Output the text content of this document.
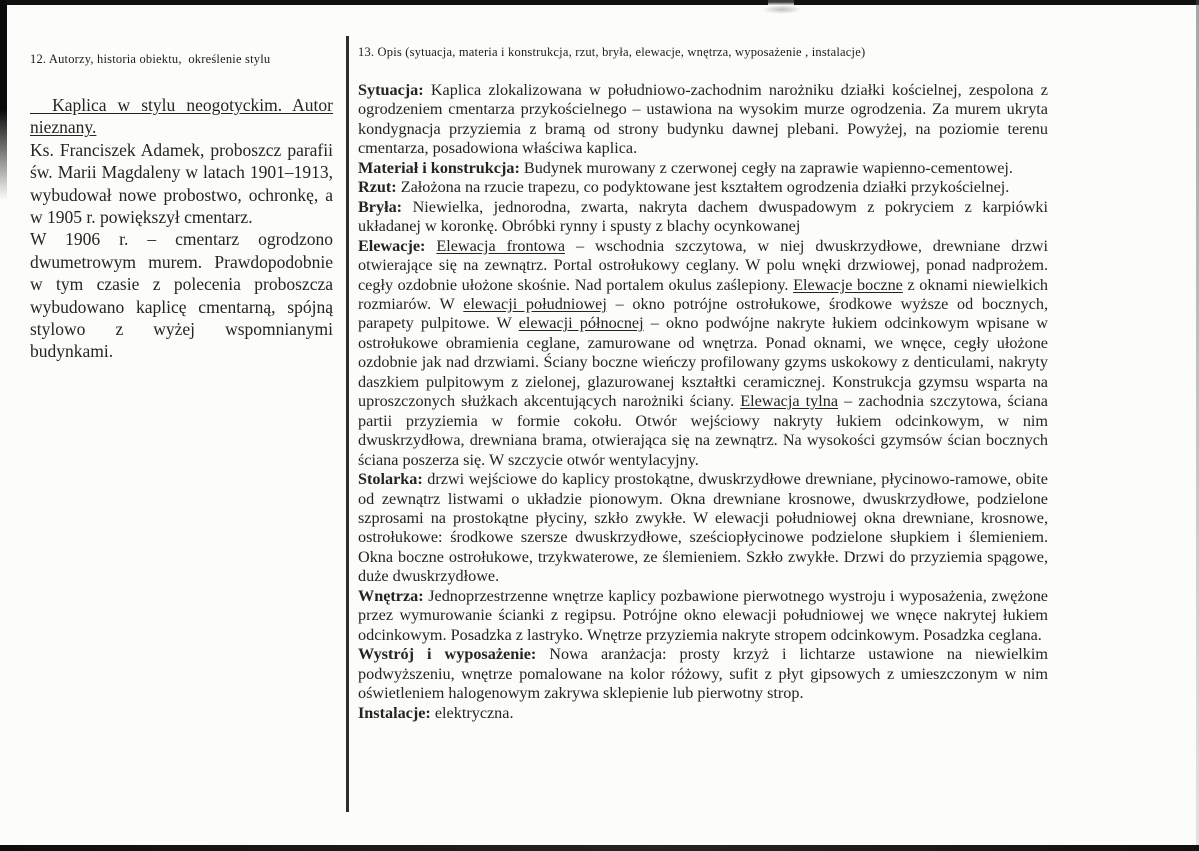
12. Autorzy, historia obiektu,  określenie stylu

Kaplica w stylu neogotyckim. Autor nieznany.

Ks. Franciszek Adamek, proboszcz parafii św. Marii Magdaleny w latach 1901–1913, wybudował nowe probostwo, ochronkę, a w 1905 r. powiększył cmentarz.

W 1906 r. – cmentarz ogrodzono dwumetrowym murem. Prawdopodobnie w tym czasie z polecenia proboszcza wybudowano kaplicę cmentarną, spójną stylowo z wyżej wspomnianymi budynkami.

13. Opis (sytuacja, materia i konstrukcja, rzut, bryła, elewacje, wnętrza, wyposażenie , instalacje)

Sytuacja: Kaplica zlokalizowana w południowo-zachodnim narożniku działki kościelnej, zespolona z ogrodzeniem cmentarza przykościelnego – ustawiona na wysokim murze ogrodzenia. Za murem ukryta kondygnacja przyziemia z bramą od strony budynku dawnej plebani. Powyżej, na poziomie terenu cmentarza, posadowiona właściwa kaplica.

Materiał i konstrukcja: Budynek murowany z czerwonej cegły na zaprawie wapienno-cementowej.

Rzut: Założona na rzucie trapezu, co podyktowane jest kształtem ogrodzenia działki przykościelnej.

Bryła: Niewielka, jednorodna, zwarta, nakryta dachem dwuspadowym z pokryciem z karpiówki układanej w koronkę. Obróbki rynny i spusty z blachy ocynkowanej

Elewacje: Elewacja frontowa – wschodnia szczytowa, w niej dwuskrzydłowe, drewniane drzwi otwierające się na zewnątrz. Portal ostrołukowy ceglany. W polu wnęki drzwiowej, ponad nadprożem. cegły ozdobnie ułożone skośnie. Nad portalem okulus zaślepiony. Elewacje boczne z oknami niewielkich rozmiarów. W elewacji południowej – okno potrójne ostrołukowe, środkowe wyższe od bocznych, parapety pulpitowe. W elewacji północnej – okno podwójne nakryte łukiem odcinkowym wpisane w ostrołukowe obramienia ceglane, zamurowane od wnętrza. Ponad oknami, we wnęce, cegły ułożone ozdobnie jak nad drzwiami. Ściany boczne wieńczy profilowany gzyms uskokowy z denticulami, nakryty daszkiem pulpitowym z zielonej, glazurowanej kształtki ceramicznej. Konstrukcja gzymsu wsparta na uproszczonych służkach akcentujących narożniki ściany. Elewacja tylna – zachodnia szczytowa, ściana partii przyziemia w formie cokołu. Otwór wejściowy nakryty łukiem odcinkowym, w nim dwuskrzydłowa, drewniana brama, otwierająca się na zewnątrz. Na wysokości gzymsów ścian bocznych ściana poszerza się. W szczycie otwór wentylacyjny.

Stolarka: drzwi wejściowe do kaplicy prostokątne, dwuskrzydłowe drewniane, płycinowo-ramowe, obite od zewnątrz listwami o układzie pionowym. Okna drewniane krosnowe, dwuskrzydłowe, podzielone szprosami na prostokątne płyciny, szkło zwykłe. W elewacji południowej okna drewniane, krosnowe, ostrołukowe: środkowe szersze dwuskrzydłowe, sześciopłycinowe podzielone słupkiem i ślemieniem. Okna boczne ostrołukowe, trzykwaterowe, ze ślemieniem. Szkło zwykłe. Drzwi do przyziemia spągowe, duże dwuskrzydłowe.

Wnętrza: Jednoprzestrzenne wnętrze kaplicy pozbawione pierwotnego wystroju i wyposażenia, zwężone przez wymurowanie ścianki z regipsu. Potrójne okno elewacji południowej we wnęce nakrytej łukiem odcinkowym. Posadzka z lastryko. Wnętrze przyziemia nakryte stropem odcinkowym. Posadzka ceglana.

Wystrój i wyposażenie: Nowa aranżacja: prosty krzyż i lichtarze ustawione na niewielkim podwyższeniu, wnętrze pomalowane na kolor różowy, sufit z płyt gipsowych z umieszczonym w nim oświetleniem halogenowym zakrywa sklepienie lub pierwotny strop.

Instalacje: elektryczna.
